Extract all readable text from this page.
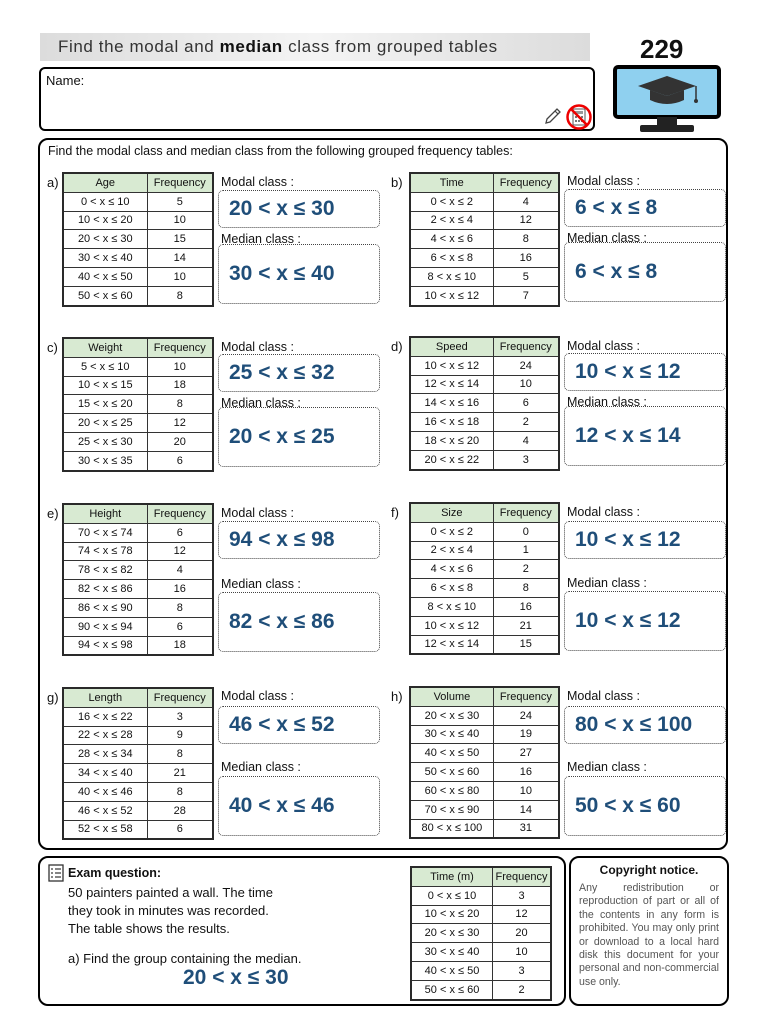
Find the modal and median class from grouped tables	229
Name:
Find the modal class and median class from the following grouped frequency tables:
a)	Age	Frequency
0 < x ≤ 10	5
10 < x ≤ 20	10
20 < x ≤ 30	15
30 < x ≤ 40	14
40 < x ≤ 50	10
50 < x ≤ 60	8
Modal class :
20 < x ≤ 30
Median class :
30 < x ≤ 40
b)	Time	Frequency
0 < x ≤ 2	4
2 < x ≤ 4	12
4 < x ≤ 6	8
6 < x ≤ 8	16
8 < x ≤ 10	5
10 < x ≤ 12	7
Modal class :
6 < x ≤ 8
Median class :
6 < x ≤ 8
c)	Weight	Frequency
5 < x ≤ 10	10
10 < x ≤ 15	18
15 < x ≤ 20	8
20 < x ≤ 25	12
25 < x ≤ 30	20
30 < x ≤ 35	6
Modal class :
25 < x ≤ 32
Median class :
20 < x ≤ 25
d)	Speed	Frequency
10 < x ≤ 12	24
12 < x ≤ 14	10
14 < x ≤ 16	6
16 < x ≤ 18	2
18 < x ≤ 20	4
20 < x ≤ 22	3
Modal class :
10 < x ≤ 12
Median class :
12 < x ≤ 14
e)	Height	Frequency
70 < x ≤ 74	6
74 < x ≤ 78	12
78 < x ≤ 82	4
82 < x ≤ 86	16
86 < x ≤ 90	8
90 < x ≤ 94	6
94 < x ≤ 98	18
Modal class :
94 < x ≤ 98
Median class :
82 < x ≤ 86
f)	Size	Frequency
0 < x ≤ 2	0
2 < x ≤ 4	1
4 < x ≤ 6	2
6 < x ≤ 8	8
8 < x ≤ 10	16
10 < x ≤ 12	21
12 < x ≤ 14	15
Modal class :
10 < x ≤ 12
Median class :
10 < x ≤ 12
g)	Length	Frequency
16 < x ≤ 22	3
22 < x ≤ 28	9
28 < x ≤ 34	8
34 < x ≤ 40	21
40 < x ≤ 46	8
46 < x ≤ 52	28
52 < x ≤ 58	6
Modal class :
46 < x ≤ 52
Median class :
40 < x ≤ 46
h)	Volume	Frequency
20 < x ≤ 30	24
30 < x ≤ 40	19
40 < x ≤ 50	27
50 < x ≤ 60	16
60 < x ≤ 80	10
70 < x ≤ 90	14
80 < x ≤ 100	31
Modal class :
80 < x ≤ 100
Median class :
50 < x ≤ 60
Exam question:
50 painters painted a wall. The time
they took in minutes was recorded.
The table shows the results.
a) Find the group containing the median.
20 < x ≤ 30
Time (m)	Frequency
0 < x ≤ 10	3
10 < x ≤ 20	12
20 < x ≤ 30	20
30 < x ≤ 40	10
40 < x ≤ 50	3
50 < x ≤ 60	2
Copyright notice.
Any redistribution or reproduction of part or all of the contents in any form is prohibited. You may only print or download to a local hard disk this document for your personal and non-commercial use only.
